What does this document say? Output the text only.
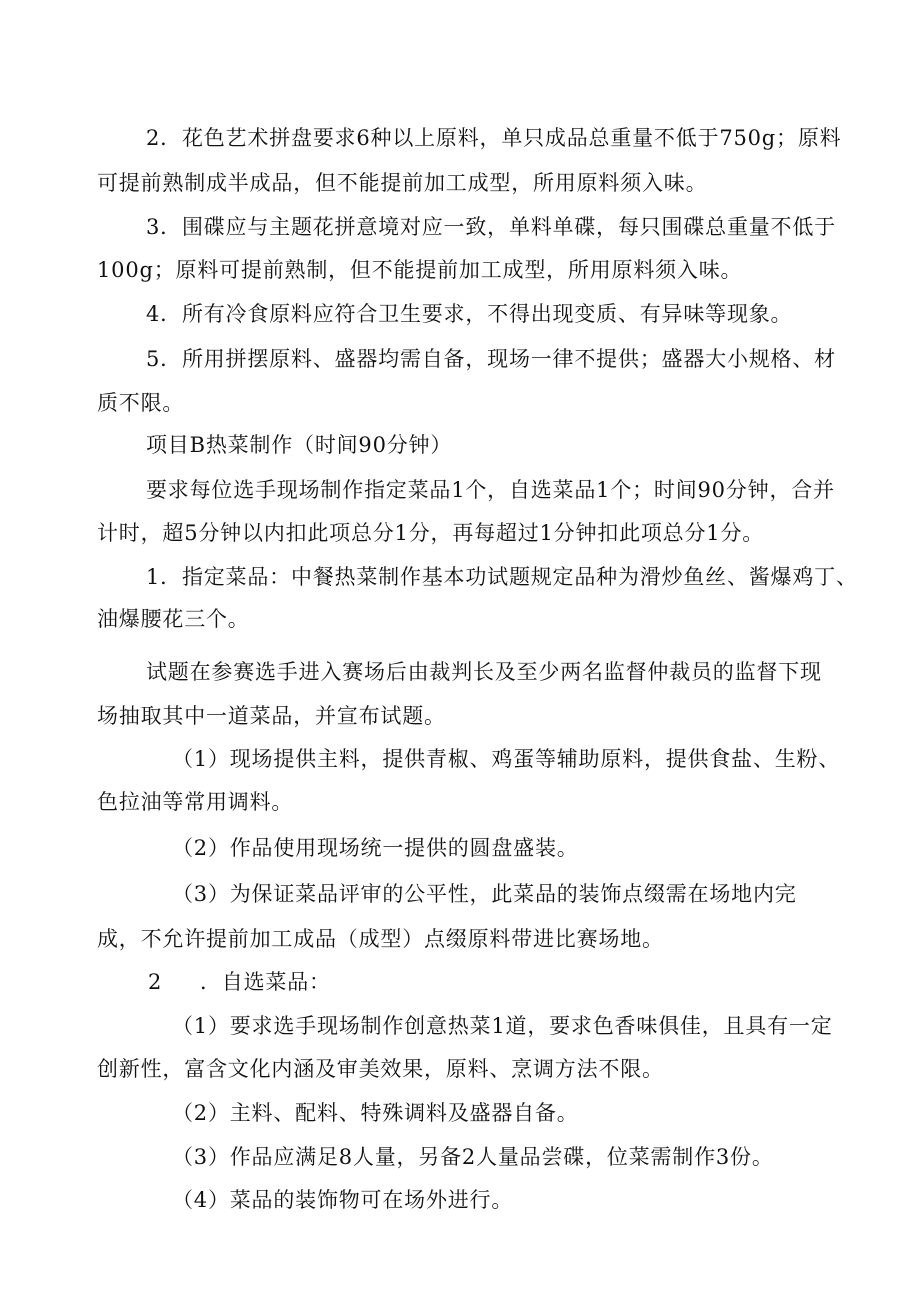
2．花色艺术拼盘要求6种以上原料，单只成品总重量不低于750g；原料
可提前熟制成半成品，但不能提前加工成型，所用原料须入味。
3．围碟应与主题花拼意境对应一致，单料单碟，每只围碟总重量不低于
100g；原料可提前熟制，但不能提前加工成型，所用原料须入味。
4．所有冷食原料应符合卫生要求，不得出现变质、有异味等现象。
5．所用拼摆原料、盛器均需自备，现场一律不提供；盛器大小规格、材
质不限。
项目B热菜制作（时间90分钟）
要求每位选手现场制作指定菜品1个，自选菜品1个；时间90分钟，合并
计时，超5分钟以内扣此项总分1分，再每超过1分钟扣此项总分1分。
1．指定菜品：中餐热菜制作基本功试题规定品种为滑炒鱼丝、酱爆鸡丁、
油爆腰花三个。
试题在参赛选手进入赛场后由裁判长及至少两名监督仲裁员的监督下现
场抽取其中一道菜品，并宣布试题。
（1）现场提供主料，提供青椒、鸡蛋等辅助原料，提供食盐、生粉、
色拉油等常用调料。
（2）作品使用现场统一提供的圆盘盛装。
（3）为保证菜品评审的公平性，此菜品的装饰点缀需在场地内完
成，不允许提前加工成品（成型）点缀原料带进比赛场地。
2 ．自选菜品：
（1）要求选手现场制作创意热菜1道，要求色香味俱佳，且具有一定
创新性，富含文化内涵及审美效果，原料、烹调方法不限。
（2）主料、配料、特殊调料及盛器自备。
（3）作品应满足8人量，另备2人量品尝碟，位菜需制作3份。
（4）菜品的装饰物可在场外进行。
